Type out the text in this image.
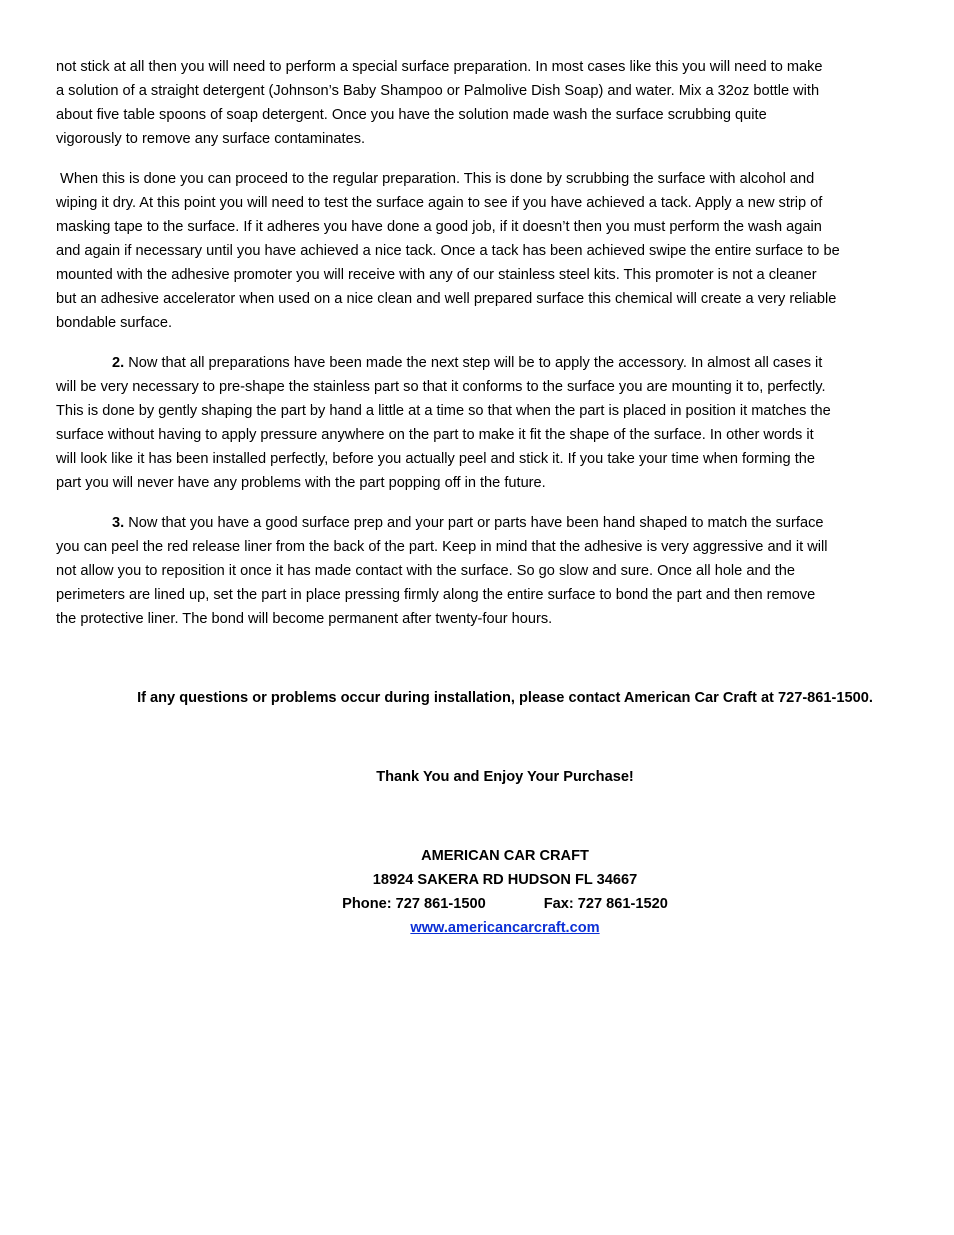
not stick at all then you will need to perform a special surface preparation. In most cases like this you will need to make
a solution of a straight detergent (Johnson’s Baby Shampoo or Palmolive Dish Soap) and water. Mix a 32oz bottle with
about five table spoons of soap detergent. Once you have the solution made wash the surface scrubbing quite
vigorously to remove any surface contaminates.
When this is done you can proceed to the regular preparation. This is done by scrubbing the surface with alcohol and
wiping it dry. At this point you will need to test the surface again to see if you have achieved a tack. Apply a new strip of
masking tape to the surface. If it adheres you have done a good job, if it doesn’t then you must perform the wash again
and again if necessary until you have achieved a nice tack. Once a tack has been achieved swipe the entire surface to be
mounted with the adhesive promoter you will receive with any of our stainless steel kits. This promoter is not a cleaner
but an adhesive accelerator when used on a nice clean and well prepared surface this chemical will create a very reliable
bondable surface.
2. Now that all preparations have been made the next step will be to apply the accessory. In almost all cases it
will be very necessary to pre-shape the stainless part so that it conforms to the surface you are mounting it to, perfectly.
This is done by gently shaping the part by hand a little at a time so that when the part is placed in position it matches the
surface without having to apply pressure anywhere on the part to make it fit the shape of the surface. In other words it
will look like it has been installed perfectly, before you actually peel and stick it. If you take your time when forming the
part you will never have any problems with the part popping off in the future.
3. Now that you have a good surface prep and your part or parts have been hand shaped to match the surface
you can peel the red release liner from the back of the part. Keep in mind that the adhesive is very aggressive and it will
not allow you to reposition it once it has made contact with the surface. So go slow and sure. Once all hole and the
perimeters are lined up, set the part in place pressing firmly along the entire surface to bond the part and then remove
the protective liner. The bond will become permanent after twenty-four hours.
If any questions or problems occur during installation, please contact American Car Craft at 727-861-1500.
Thank You and Enjoy Your Purchase!
AMERICAN CAR CRAFT
18924 SAKERA RD HUDSON FL 34667
Phone: 727 861-1500	Fax: 727 861-1520
www.americancarcraft.com
